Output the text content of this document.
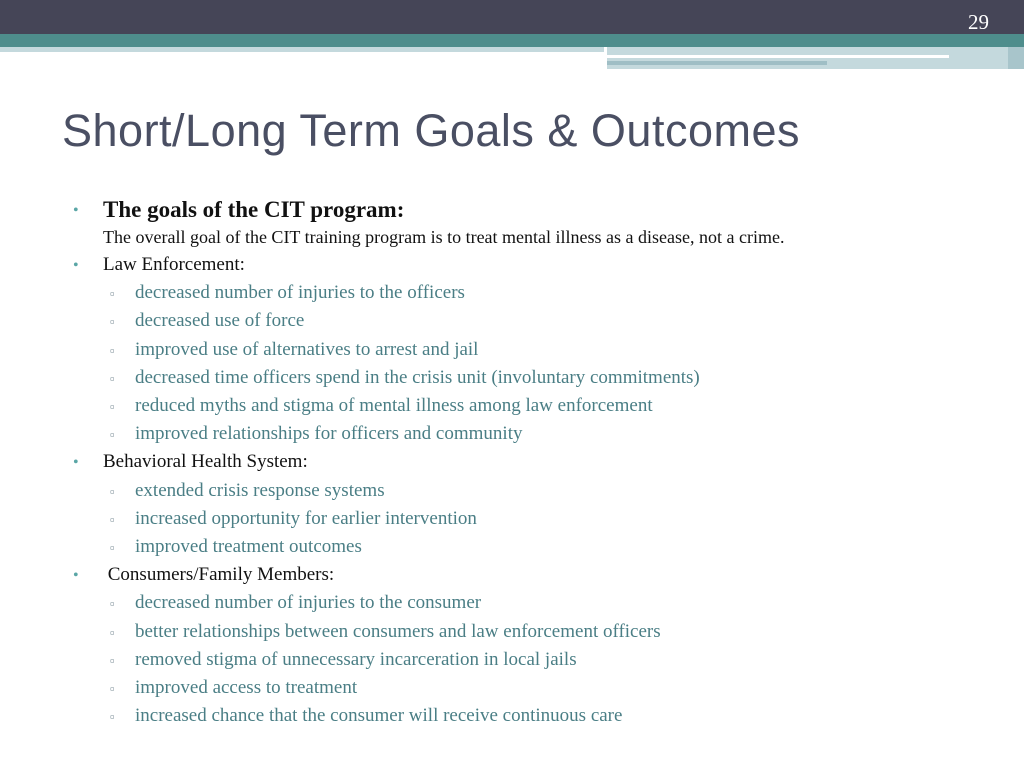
29
Short/Long Term Goals & Outcomes
• The goals of the CIT program:
The overall goal of the CIT training program is to treat mental illness as a disease, not a crime.
• Law Enforcement:
▫ decreased number of injuries to the officers
▫ decreased use of force
▫ improved use of alternatives to arrest and jail
▫ decreased time officers spend in the crisis unit (involuntary commitments)
▫ reduced myths and stigma of mental illness among law enforcement
▫ improved relationships for officers and community
• Behavioral Health System:
▫ extended crisis response systems
▫ increased opportunity for earlier intervention
▫ improved treatment outcomes
• Consumers/Family Members:
▫ decreased number of injuries to the consumer
▫ better relationships between consumers and law enforcement officers
▫ removed stigma of unnecessary incarceration in local jails
▫ improved access to treatment
▫ increased chance that the consumer will receive continuous care
